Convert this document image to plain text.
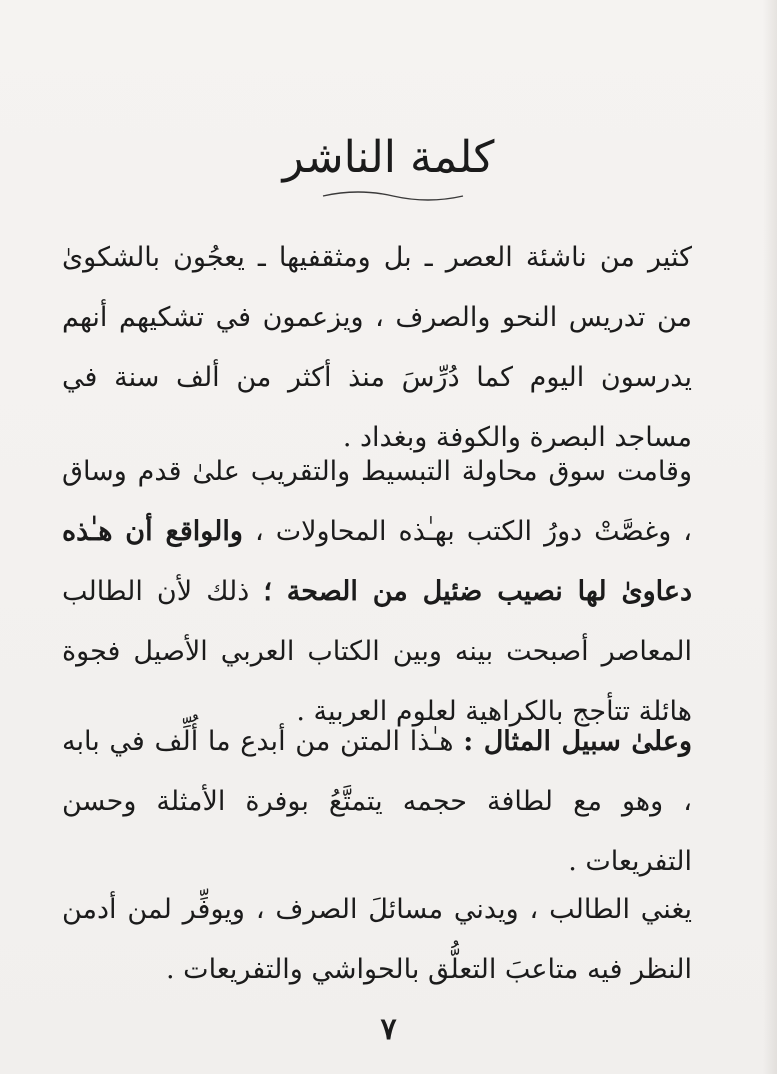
كلمة الناشر
كثير من ناشئة العصر ـ بل ومثقفيها ـ يعجُون بالشكوىٰ من تدريس النحو والصرف ، ويزعمون في تشكيهم أنهم يدرسون اليوم كما دُرِّسَ منذ أكثر من ألف سنة في مساجد البصرة والكوفة وبغداد .
وقامت سوق محاولة التبسيط والتقريب علىٰ قدم وساق ، وغصَّتْ دورُ الكتب بهـٰذه المحاولات ، والواقع أن هـٰذه دعاوىٰ لها نصيب ضئيل من الصحة ؛ ذلك لأن الطالب المعاصر أصبحت بينه وبين الكتاب العربي الأصيل فجوة هائلة تتأجج بالكراهية لعلوم العربية .
وعلىٰ سبيل المثال : هـٰذا المتن من أبدع ما أُلِّف في بابه ، وهو مع لطافة حجمه يتمتَّعُ بوفرة الأمثلة وحسن التفريعات .
يغني الطالب ، ويدني مسائلَ الصرف ، ويوفِّر لمن أدمن النظر فيه متاعبَ التعلُّق بالحواشي والتفريعات .
٧
